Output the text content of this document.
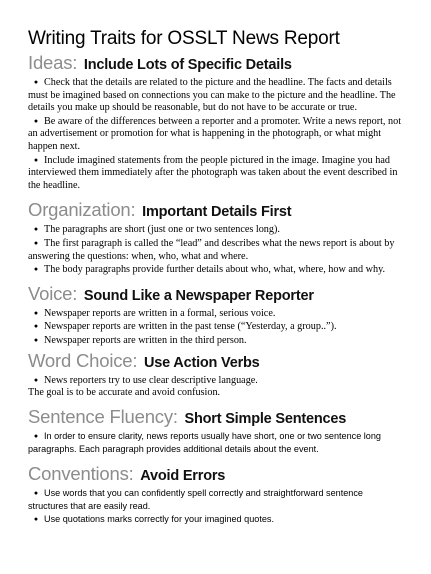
Writing Traits for OSSLT News Report
Ideas: Include Lots of Specific Details
● Check that the details are related to the picture and the headline. The facts and details must be imagined based on connections you can make to the picture and the headline. The details you make up should be reasonable, but do not have to be accurate or true.
● Be aware of the differences between a reporter and a promoter. Write a news report, not an advertisement or promotion for what is happening in the photograph, or what might happen next.
● Include imagined statements from the people pictured in the image. Imagine you had interviewed them immediately after the photograph was taken about the event described in the headline.
Organization: Important Details First
● The paragraphs are short (just one or two sentences long).
● The first paragraph is called the “lead” and describes what the news report is about by answering the questions: when, who, what and where.
● The body paragraphs provide further details about who, what, where, how and why.
Voice: Sound Like a Newspaper Reporter
● Newspaper reports are written in a formal, serious voice.
● Newspaper reports are written in the past tense (“Yesterday, a group..”).
● Newspaper reports are written in the third person.
Word Choice: Use Action Verbs
● News reporters try to use clear descriptive language.

The goal is to be accurate and avoid confusion.

Sentence Fluency: Short Simple Sentences
● In order to ensure clarity, news reports usually have short, one or two sentence long paragraphs. Each paragraph provides additional details about the event.
Conventions: Avoid Errors
● Use words that you can confidently spell correctly and straightforward sentence structures that are easily read.
● Use quotations marks correctly for your imagined quotes.
